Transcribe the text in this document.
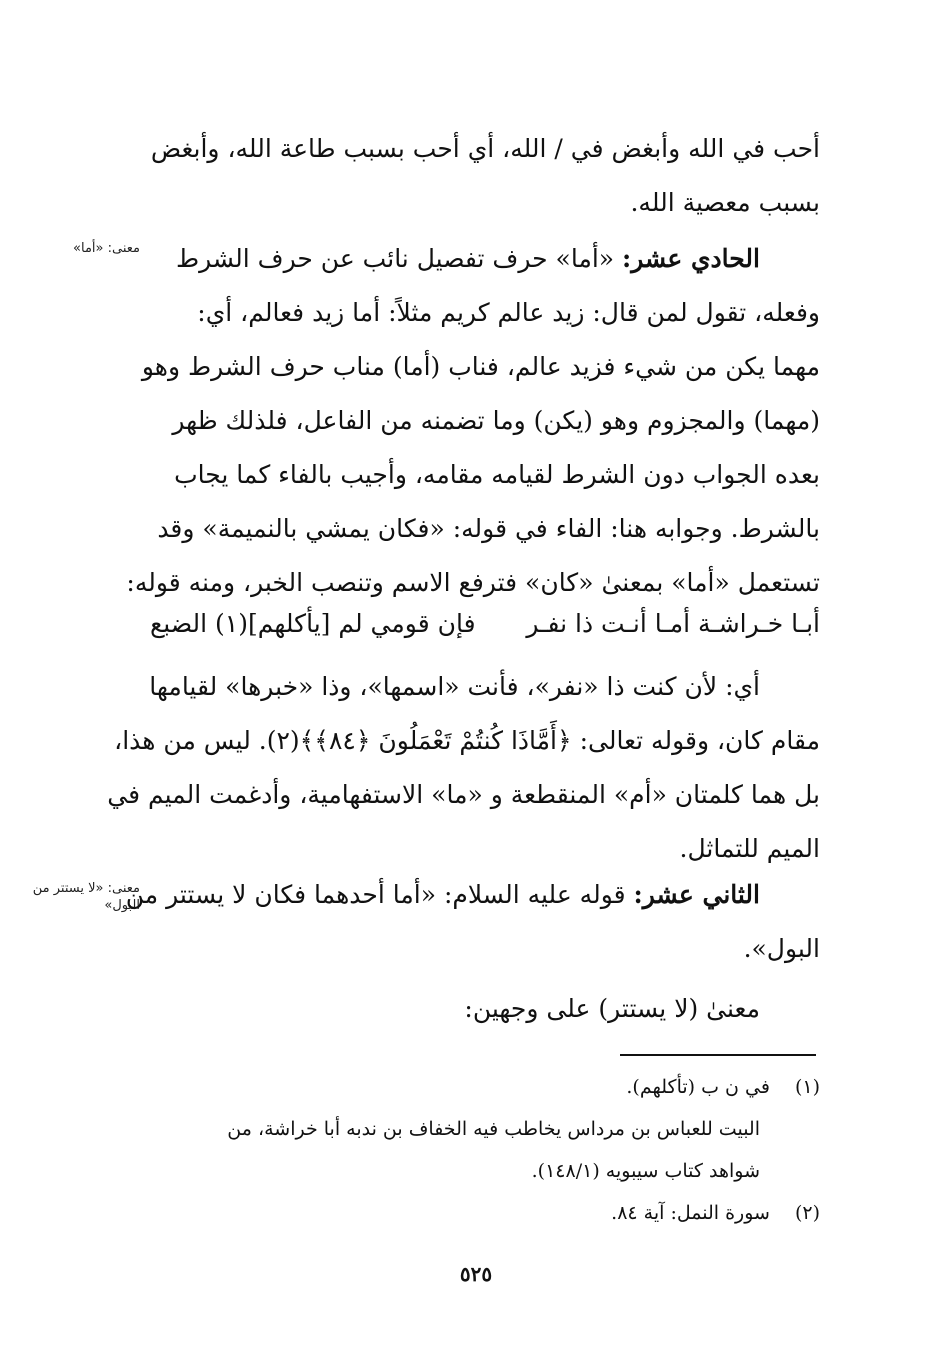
أحب في الله وأبغض في / الله، أي أحب بسبب طاعة الله، وأبغض
بسبب معصية الله.
معنى: «أما»	الحادي عشر: «أما» حرف تفصيل نائب عن حرف الشرط
وفعله، تقول لمن قال: زيد عالم كريم مثلاً: أما زيد فعالم، أي:
مهما يكن من شيء فزيد عالم، فناب (أما) مناب حرف الشرط وهو
(مهما) والمجزوم وهو (يكن) وما تضمنه من الفاعل، فلذلك ظهر
بعده الجواب دون الشرط لقيامه مقامه، وأجيب بالفاء كما يجاب
بالشرط. وجوابه هنا: الفاء في قوله: «فكان يمشي بالنميمة» وقد
تستعمل «أما» بمعنىٰ «كان» فترفع الاسم وتنصب الخبر، ومنه قوله:
أبـا خـراشـة أمـا أنـت ذا نفـر
فإن قومي لم [يأكلهم](١) الضبع
أي: لأن كنت ذا «نفر»، فأنت «اسمها»، وذا «خبرها» لقيامها
مقام كان، وقوله تعالى: ﴿أَمَّاذَا كُنتُمْ تَعْمَلُونَ ﴿٨٤﴾﴾(٢). ليس من هذا،
بل هما كلمتان «أم» المنقطعة و «ما» الاستفهامية، وأدغمت الميم في
الميم للتماثل.
معنى: «لا يستتر من البول»	الثاني عشر: قوله عليه السلام: «أما أحدهما فكان لا يستتر من
البول».
معنىٰ (لا يستتر) على وجهين:
(١) في ن ب (تأكلهم).
البيت للعباس بن مرداس يخاطب فيه الخفاف بن ندبه أبا خراشة، من
شواهد كتاب سيبويه (١٤٨/١).
(٢) سورة النمل: آية ٨٤.
٥٢٥
